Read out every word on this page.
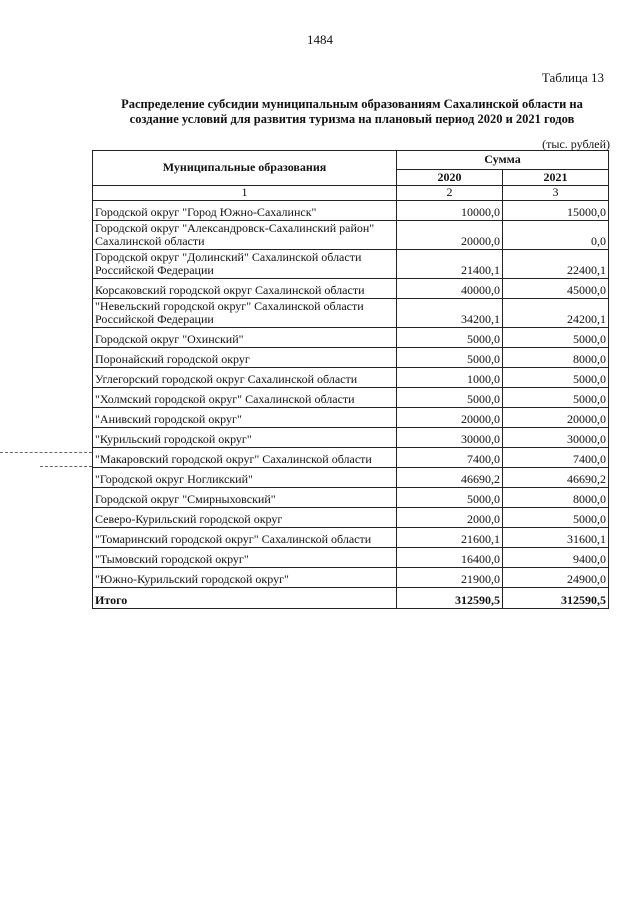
1484
Таблица 13
Распределение субсидии муниципальным образованиям Сахалинской области на
создание условий для развития туризма на плановый период 2020 и 2021 годов
(тыс. рублей)
Муниципальные образования	Сумма	
	2020	2021
1	2	3
Городской округ "Город Южно-Сахалинск"	10000,0	15000,0
Городской округ "Александровск-Сахалинский район" Сахалинской области	20000,0	0,0
Городской округ "Долинский" Сахалинской области Российской Федерации	21400,1	22400,1
Корсаковский городской округ Сахалинской области	40000,0	45000,0
"Невельский городской округ" Сахалинской области Российской Федерации	34200,1	24200,1
Городской округ "Охинский"	5000,0	5000,0
Поронайский городской округ	5000,0	8000,0
Углегорский городской округ Сахалинской области	1000,0	5000,0
"Холмский городской округ" Сахалинской области	5000,0	5000,0
"Анивский городской округ"	20000,0	20000,0
"Курильский городской округ"	30000,0	30000,0
"Макаровский городской округ" Сахалинской области	7400,0	7400,0
"Городской округ Ногликский"	46690,2	46690,2
Городской округ "Смирныховский"	5000,0	8000,0
Северо-Курильский городской округ	2000,0	5000,0
"Томаринский городской округ" Сахалинской области	21600,1	31600,1
"Тымовский городской округ"	16400,0	9400,0
"Южно-Курильский городской округ"	21900,0	24900,0
Итого	312590,5	312590,5
